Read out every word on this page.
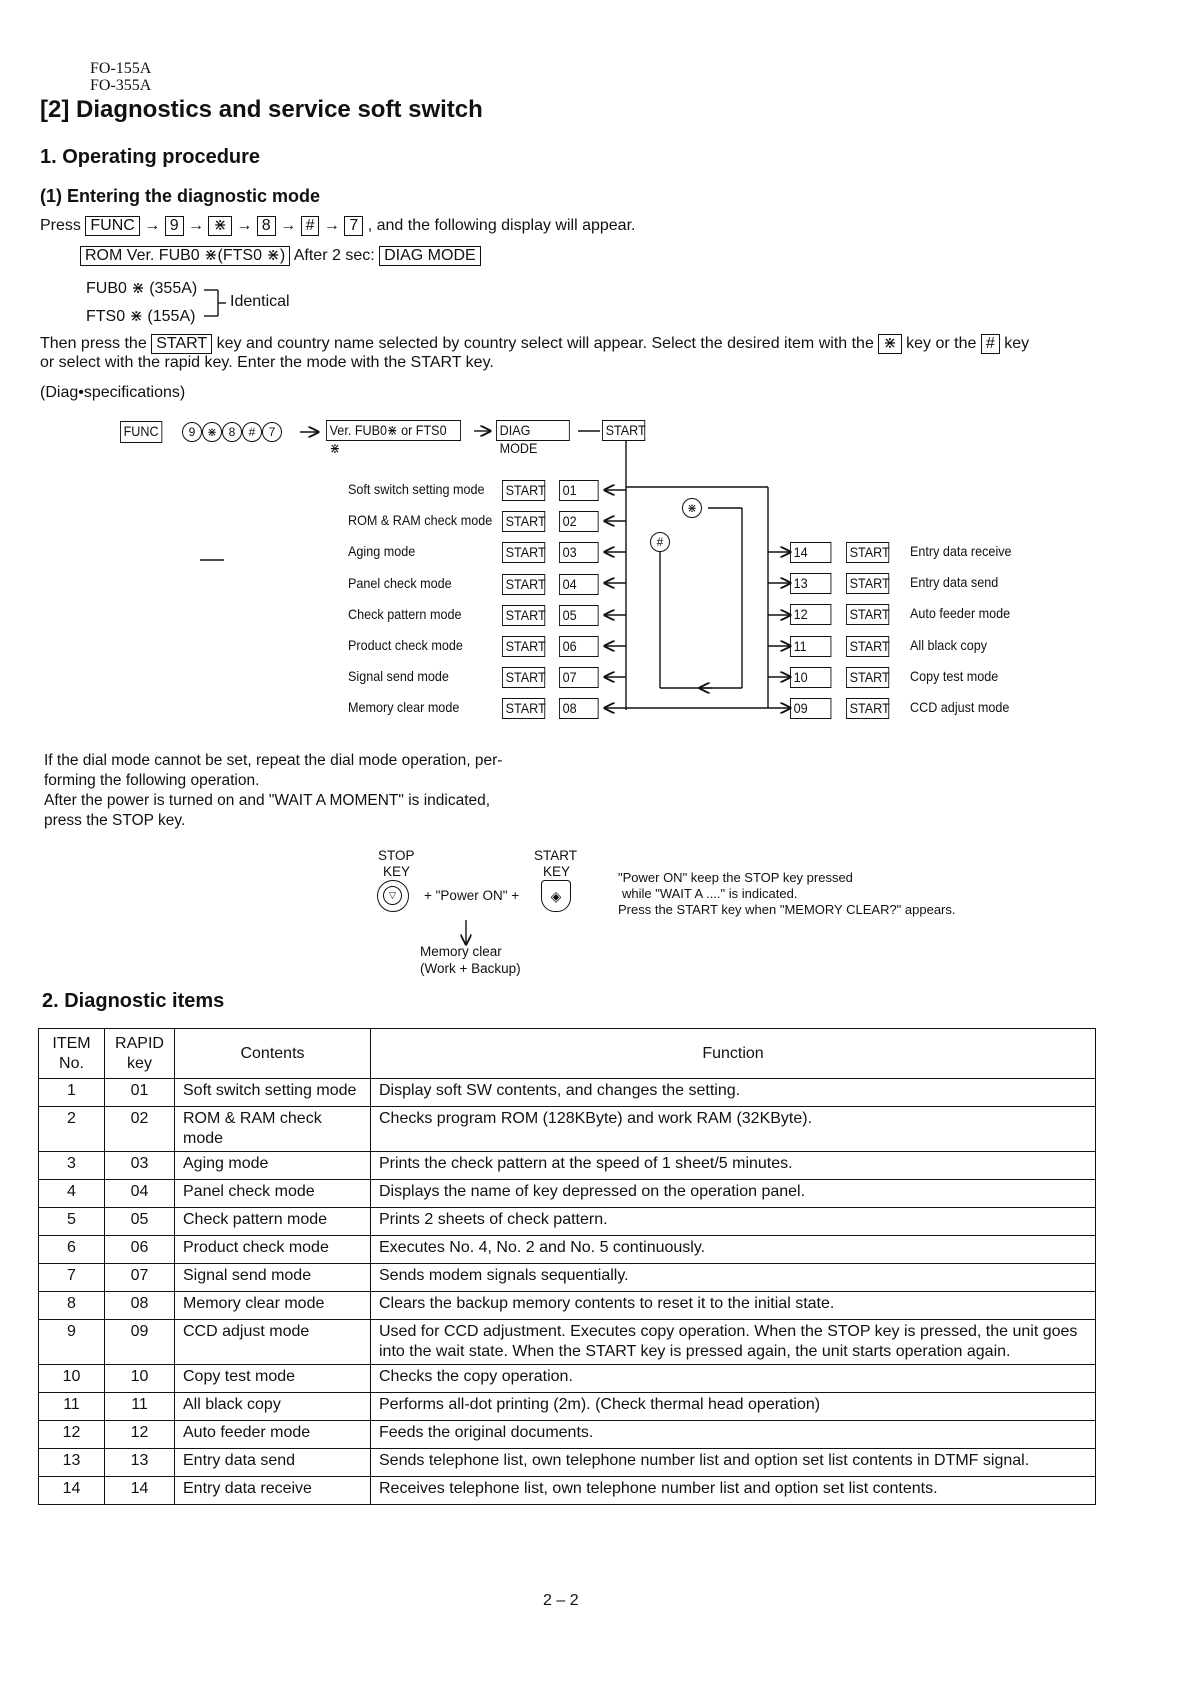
FO-155A
FO-355A
[2] Diagnostics and service soft switch
1. Operating procedure
(1) Entering the diagnostic mode
Press FUNC → 9 → ⋇ → 8 → # → 7 , and the following display will appear.
ROM Ver. FUB0 ⋇(FTS0 ⋇) After 2 sec: DIAG MODE
FUB0 ⋇ (355A)
FTS0 ⋇ (155A)
Identical
Then press the START key and country name selected by country select will appear. Select the desired item with the ⋇ key or the # key
or select with the rapid key. Enter the mode with the START key.
(Diag•specifications)
FUNC	9 ⋇ 8 # 7	Ver. FUB0⋇ or FTS0 ⋇
DIAG MODE
START
⋇
#
Soft switch setting mode START 01
ROM & RAM check mode START 02
Aging mode	START 03
Panel check mode	START 04
Check pattern mode	START 05
Product check mode	START 06
Signal send mode	START 07
Memory clear mode	START 08
14	START Entry data receive
13	START Entry data send
12	START Auto feeder mode
11	START All black copy
10	START Copy test mode
09	START CCD adjust mode
If the dial mode cannot be set, repeat the dial mode operation, per-
forming the following operation.
After the power is turned on and "WAIT A MOMENT" is indicated,
press the STOP key.
STOP
KEY
▽	+ "Power ON" +
START
KEY
◈
Memory clear
(Work + Backup)
"Power ON" keep the STOP key pressed
while "WAIT A ...." is indicated.
Press the START key when "MEMORY CLEAR?" appears.
2. Diagnostic items
ITEM
No.	RAPID
key	Contents	Function
1	01	Soft switch setting mode	Display soft SW contents, and changes the setting.
2	02	ROM & RAM check mode	Checks program ROM (128KByte) and work RAM (32KByte).
3	03	Aging mode	Prints the check pattern at the speed of 1 sheet/5 minutes.
4	04	Panel check mode	Displays the name of key depressed on the operation panel.
5	05	Check pattern mode	Prints 2 sheets of check pattern.
6	06	Product check mode	Executes No. 4, No. 2 and No. 5 continuously.
7	07	Signal send mode	Sends modem signals sequentially.
8	08	Memory clear mode	Clears the backup memory contents to reset it to the initial state.
9	09	CCD adjust mode	Used for CCD adjustment. Executes copy operation. When the STOP key is pressed, the unit goes into the wait state. When the START key is pressed again, the unit starts operation again.
10	10	Copy test mode	Checks the copy operation.
11	11	All black copy	Performs all-dot printing (2m). (Check thermal head operation)
12	12	Auto feeder mode	Feeds the original documents.
13	13	Entry data send	Sends telephone list, own telephone number list and option set list contents in DTMF signal.
14	14	Entry data receive	Receives telephone list, own telephone number list and option set list contents.
2 – 2
